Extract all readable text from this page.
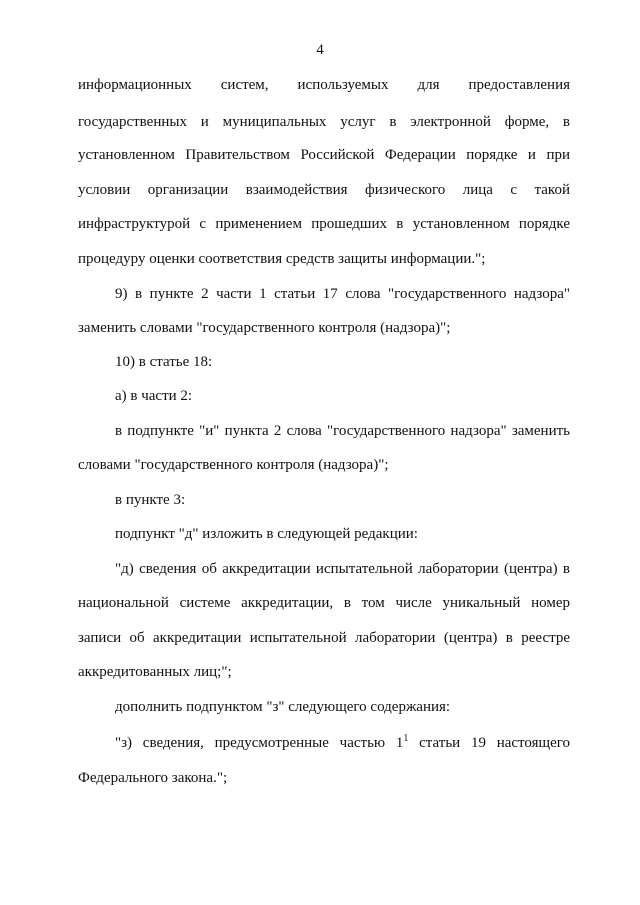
4
информационных систем, используемых для предоставления
государственных и муниципальных услуг в электронной форме, в
установленном Правительством Российской Федерации порядке и при
условии организации взаимодействия физического лица с такой
инфраструктурой с применением прошедших в установленном порядке
процедуру оценки соответствия средств защиты информации.";
9) в пункте 2 части 1 статьи 17 слова "государственного надзора"
заменить словами "государственного контроля (надзора)";
10) в статье 18:
а) в части 2:
в подпункте "и" пункта 2 слова "государственного надзора" заменить
словами "государственного контроля (надзора)";
в пункте 3:
подпункт "д" изложить в следующей редакции:
"д) сведения об аккредитации испытательной лаборатории (центра) в
национальной системе аккредитации, в том числе уникальный номер
записи об аккредитации испытательной лаборатории (центра) в реестре
аккредитованных лиц;";
дополнить подпунктом "з" следующего содержания:
"з) сведения, предусмотренные частью $1^1$ статьи 19 настоящего
Федерального закона.";
